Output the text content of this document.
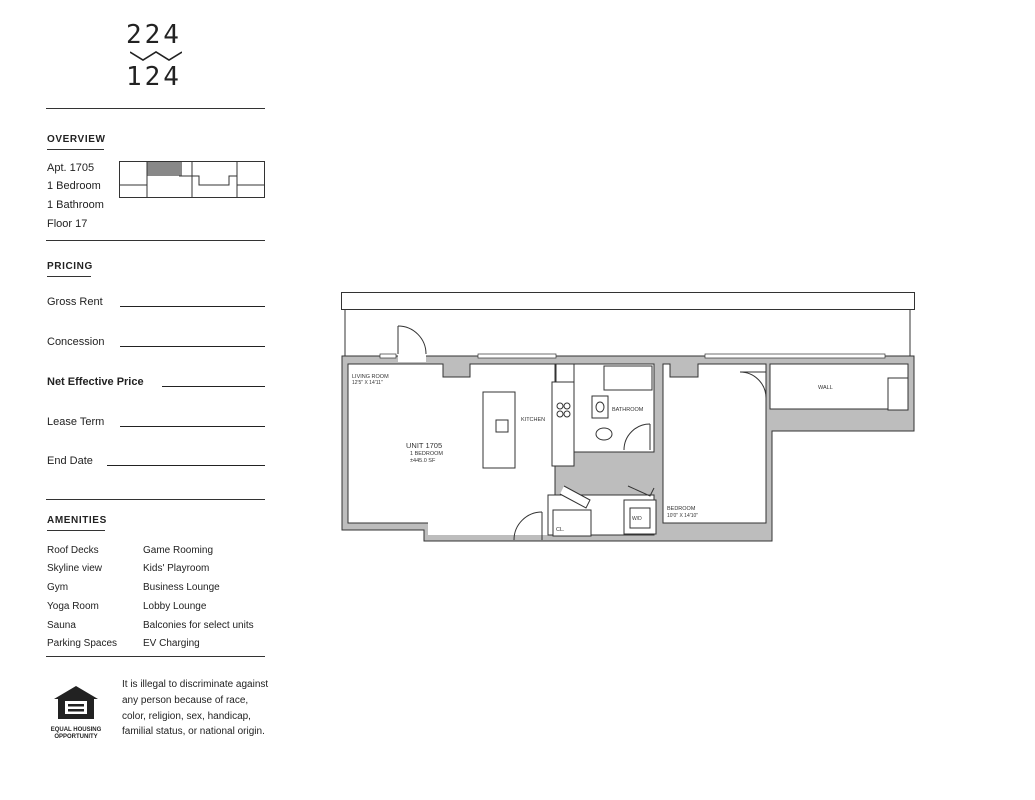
224
124
OVERVIEW
Apt. 1705
1 Bedroom
1 Bathroom
Floor 17
PRICING
Gross Rent
Concession
Net Effective Price
Lease Term
End Date
AMENITIES
Roof Decks
Skyline view
Gym
Yoga Room
Sauna
Parking Spaces
Game Rooming
Kids' Playroom
Business Lounge
Lobby Lounge
Balconies for select units
EV Charging
EQUAL HOUSING
OPPORTUNITY
It is illegal to discriminate against any person because of race, color, religion, sex, handicap, familial status, or national origin.
LIVING ROOM
12'5" X 14'11"
KITCHEN
BATHROOM
BEDROOM
10'0" X 14'10"
UNIT 1705
1 BEDROOM
±445.0 SF
CL.
W/D
WALL
